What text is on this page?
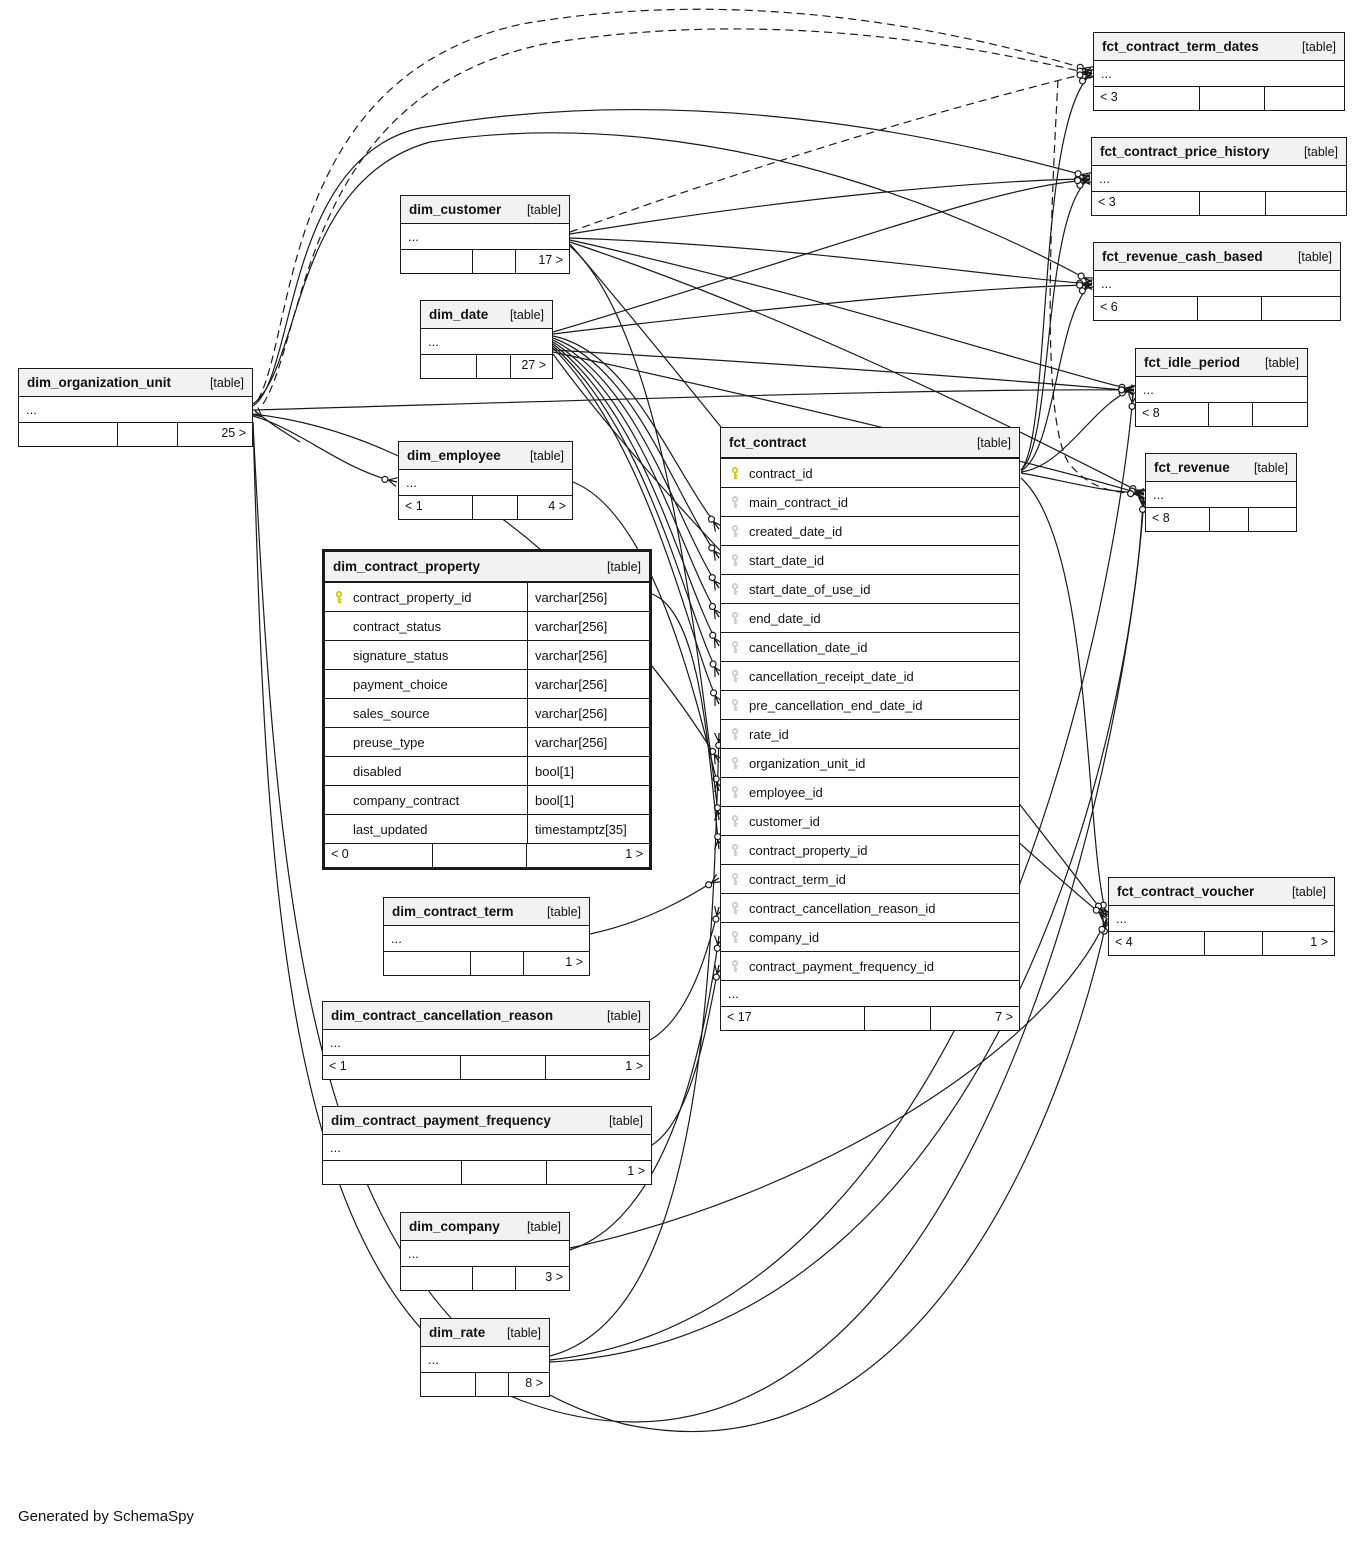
fct_contract_term_dates	[table]
...
< 3
fct_contract_price_history	[table]
...
< 3
fct_revenue_cash_based	[table]
...
< 6
fct_idle_period [table]
...
< 8
fct_revenue [table]
...
< 8
fct_contract_voucher	[table]
...
< 4	1 >
dim_customer [table]
...
17 >
dim_date [table]
...
27 >
dim_organization_unit	[table]
...
25 >
dim_employee [table]
...
< 1	4 >
dim_contract_property	[table]
contract_property_id	varchar[256]
contract_status	varchar[256]
signature_status	varchar[256]
payment_choice	varchar[256]
sales_source	varchar[256]
preuse_type	varchar[256]
disabled	bool[1]
company_contract	bool[1]
last_updated	timestamptz[35]
< 0	1 >
dim_contract_term	[table]
...
1 >
dim_contract_cancellation_reason	[table]
...
< 1	1 >
dim_contract_payment_frequency	[table]
...
1 >
dim_company [table]
...
3 >
dim_rate [table]
...
8 >
fct_contract	[table]
contract_id
main_contract_id
created_date_id
start_date_id
start_date_of_use_id
end_date_id
cancellation_date_id
cancellation_receipt_date_id
pre_cancellation_end_date_id
rate_id
organization_unit_id
employee_id
customer_id
contract_property_id
contract_term_id
contract_cancellation_reason_id
company_id
contract_payment_frequency_id
...
< 17	7 >
Generated by SchemaSpy
